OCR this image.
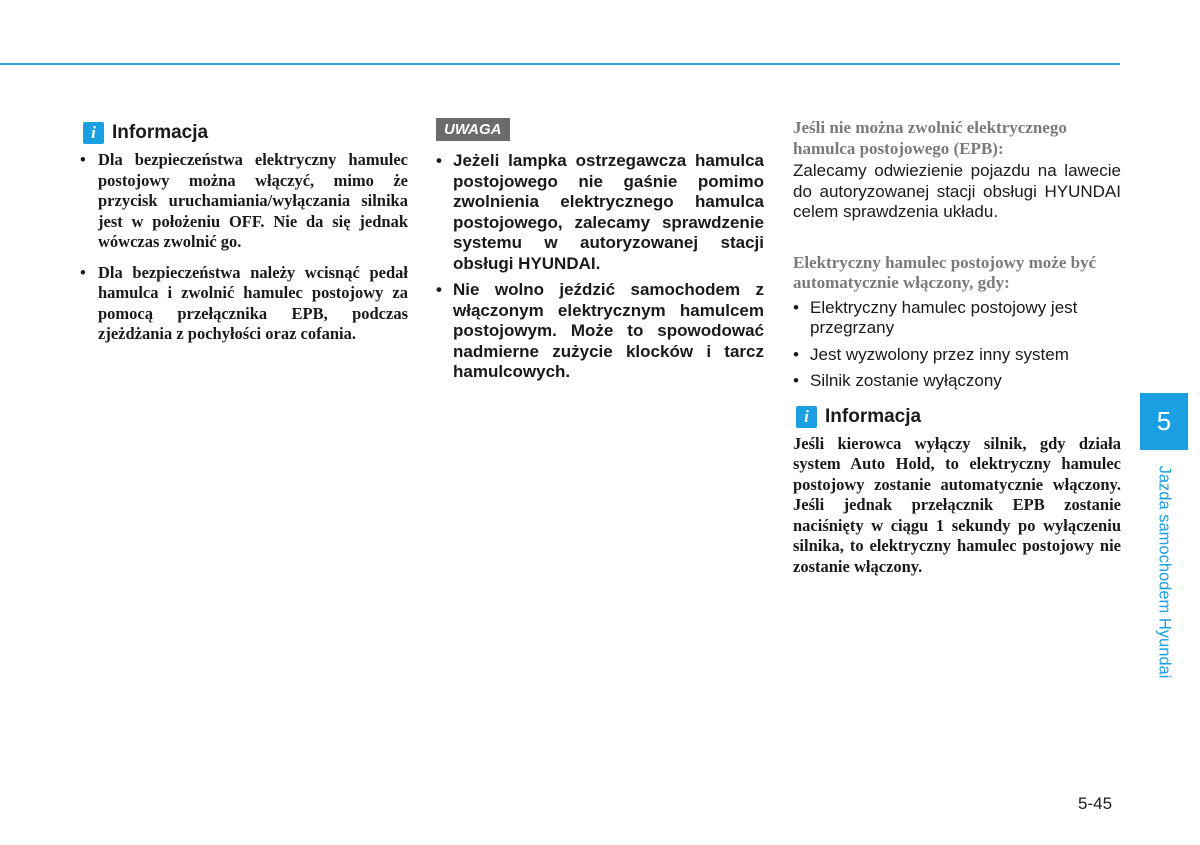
i Informacja
• Dla bezpieczeństwa elektryczny hamulec postojowy można włączyć, mimo że przycisk uruchamiania/wyłączania silnika jest w położeniu OFF. Nie da się jednak wówczas zwolnić go.
• Dla bezpieczeństwa należy wcisnąć pedał hamulca i zwolnić hamulec postojowy za pomocą przełącznika EPB, podczas zjeżdżania z pochyłości oraz cofania.
UWAGA
• Jeżeli lampka ostrzegawcza hamulca postojowego nie gaśnie pomimo zwolnienia elektrycznego hamulca postojowego, zalecamy sprawdzenie systemu w autoryzowanej stacji obsługi HYUNDAI.
• Nie wolno jeździć samochodem z włączonym elektrycznym hamulcem postojowym. Może to spowodować nadmierne zużycie klocków i tarcz hamulcowych.

Jeśli nie można zwolnić elektrycznego hamulca postojowego (EPB):

Zalecamy odwiezienie pojazdu na lawecie do autoryzowanej stacji obsługi HYUNDAI celem sprawdzenia układu.

Elektryczny hamulec postojowy może być automatycznie włączony, gdy:

• Elektryczny hamulec postojowy jest przegrzany
• Jest wyzwolony przez inny system
• Silnik zostanie wyłączony
i Informacja

Jeśli kierowca wyłączy silnik, gdy działa system Auto Hold, to elektryczny hamulec postojowy zostanie automatycznie włączony. Jeśli jednak przełącznik EPB zostanie naciśnięty w ciągu 1 sekundy po wyłączeniu silnika, to elektryczny hamulec postojowy nie zostanie włączony.

5
Jazda samochodem Hyundai
5-45
